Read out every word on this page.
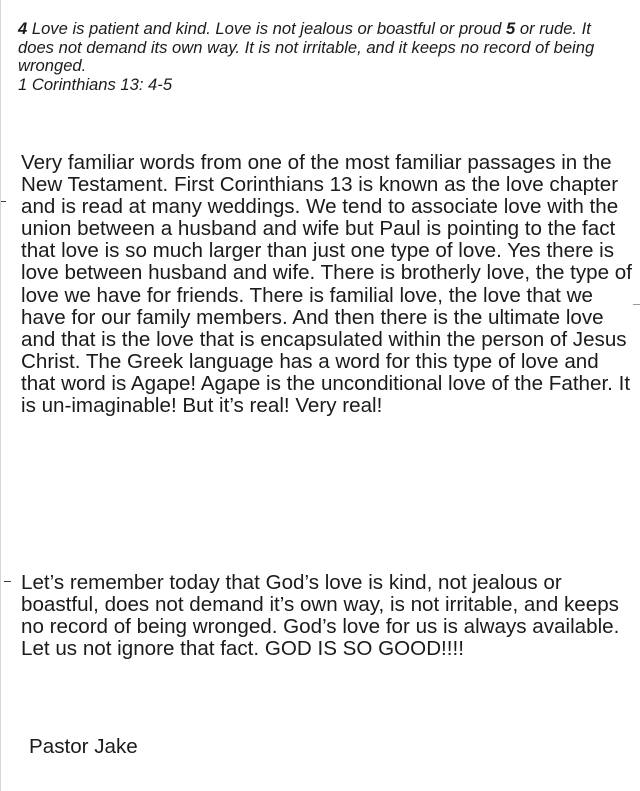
4 Love is patient and kind. Love is not jealous or boastful or proud 5 or rude. It does not demand its own way. It is not irritable, and it keeps no record of being wronged.
1 Corinthians 13: 4-5

Very familiar words from one of the most familiar passages in the New Testament. First Corinthians 13 is known as the love chapter and is read at many weddings. We tend to associate love with the union between a husband and wife but Paul is pointing to the fact that love is so much larger than just one type of love. Yes there is love between husband and wife. There is brotherly love, the type of love we have for friends. There is familial love, the love that we have for our family members. And then there is the ultimate love and that is the love that is encapsulated within the person of Jesus Christ. The Greek language has a word for this type of love and that word is Agape! Agape is the unconditional love of the Father. It is un-imaginable! But it’s real! Very real!

Let’s remember today that God’s love is kind, not jealous or boastful, does not demand it’s own way, is not irritable, and keeps no record of being wronged. God’s love for us is always available. Let us not ignore that fact. GOD IS SO GOOD!!!!

Pastor Jake
